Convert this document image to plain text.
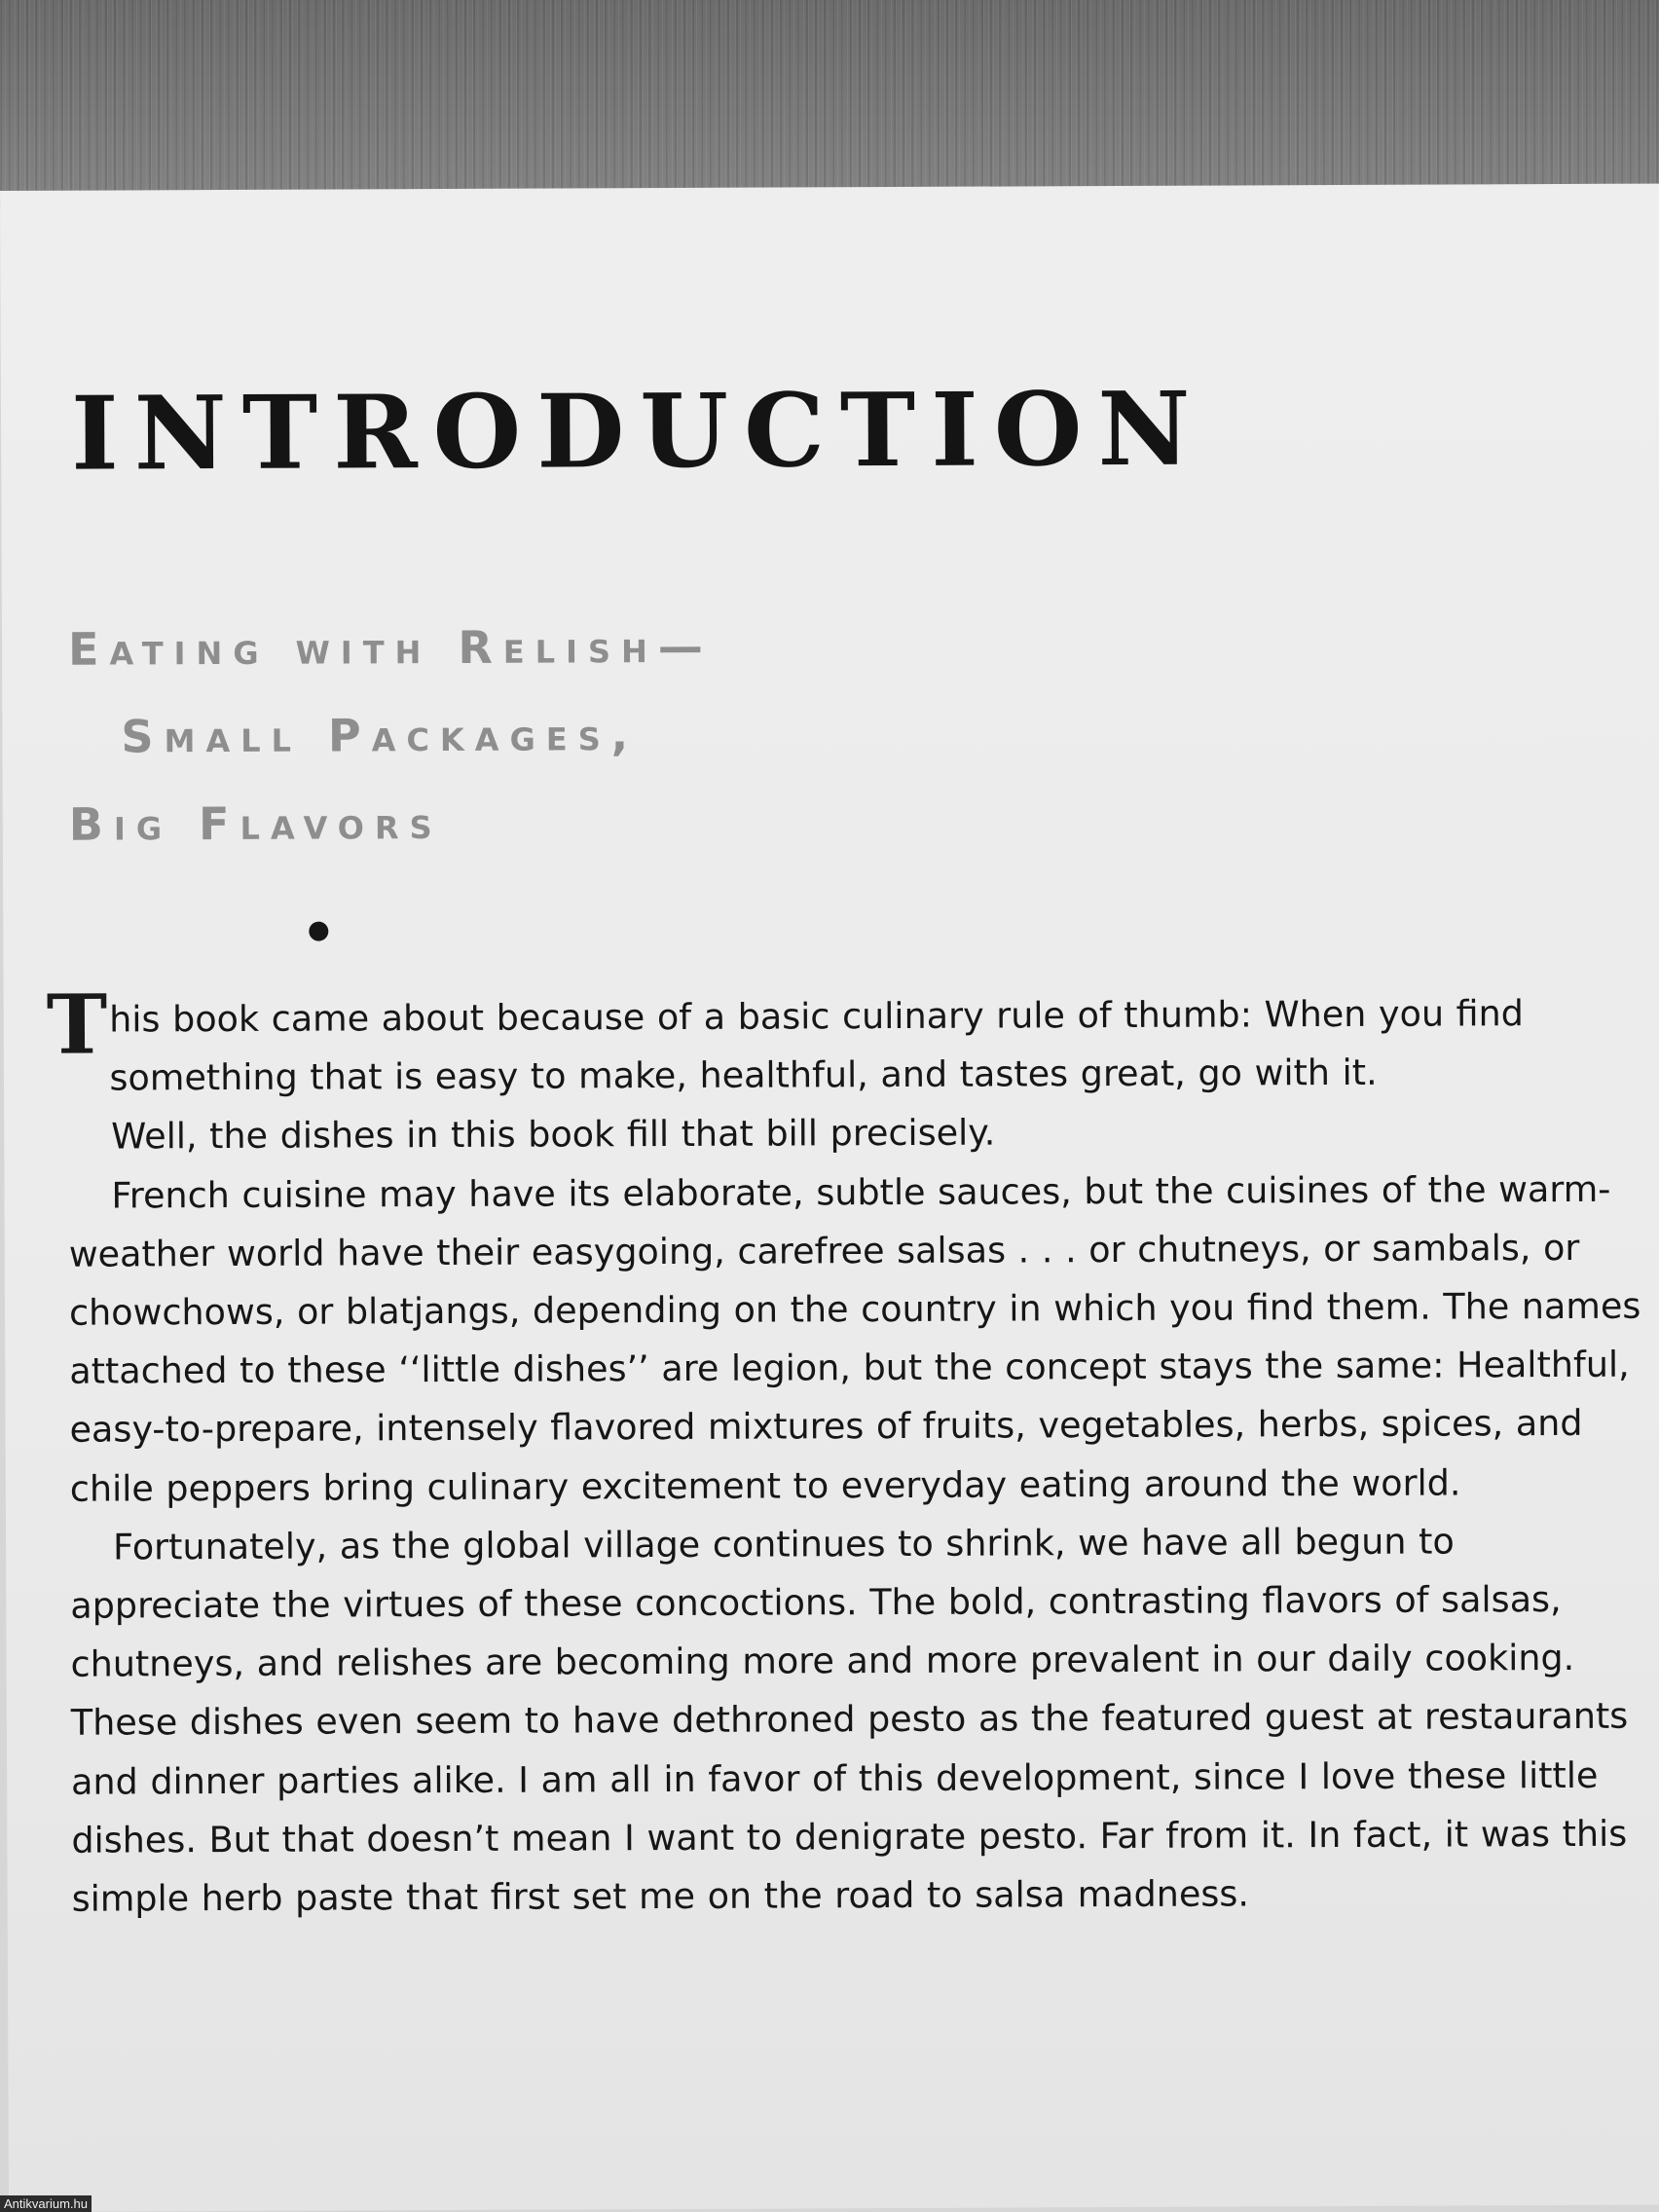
INTRODUCTION
Eating with Relish—
Small Packages,
Big Flavors

This book came about because of a basic culinary rule of thumb: When you find something that is easy to make, healthful, and tastes great, go with it.

Well, the dishes in this book fill that bill precisely.

French cuisine may have its elaborate, subtle sauces, but the cuisines of the warm-weather world have their easygoing, carefree salsas . . . or chutneys, or sambals, or chowchows, or blatjangs, depending on the country in which you find them. The names attached to these ‘‘little dishes’’ are legion, but the concept stays the same: Healthful, easy-to-prepare, intensely flavored mixtures of fruits, vegetables, herbs, spices, and chile peppers bring culinary excitement to everyday eating around the world.

Fortunately, as the global village continues to shrink, we have all begun to appreciate the virtues of these concoctions. The bold, contrasting flavors of salsas, chutneys, and relishes are becoming more and more prevalent in our daily cooking. These dishes even seem to have dethroned pesto as the featured guest at restaurants and dinner parties alike. I am all in favor of this development, since I love these little dishes. But that doesn’t mean I want to denigrate pesto. Far from it. In fact, it was this simple herb paste that first set me on the road to salsa madness.

Antikvarium.hu
